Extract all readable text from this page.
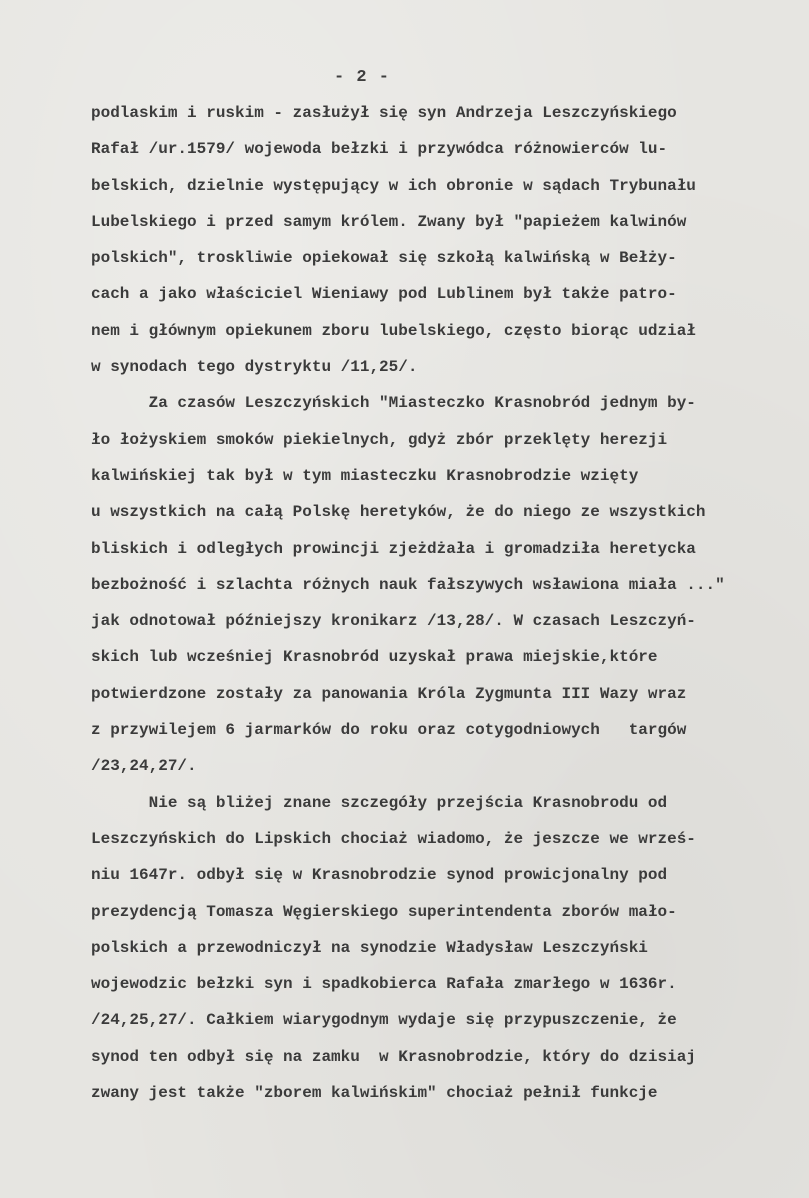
- 2 -

podlaskim i ruskim - zasłużył się syn Andrzeja Leszczyńskiego
Rafał /ur.1579/ wojewoda bełzki i przywódca różnowierców lu-
belskich, dzielnie występujący w ich obronie w sądach Trybunału
Lubelskiego i przed samym królem. Zwany był "papieżem kalwinów
polskich", troskliwie opiekował się szkołą kalwińską w Bełży-
cach a jako właściciel Wieniawy pod Lublinem był także patro-
nem i głównym opiekunem zboru lubelskiego, często biorąc udział
w synodach tego dystryktu /11,25/.
Za czasów Leszczyńskich "Miasteczko Krasnobród jednym by-
ło łożyskiem smoków piekielnych, gdyż zbór przeklęty herezji
kalwińskiej tak był w tym miasteczku Krasnobrodzie wzięty
u wszystkich na całą Polskę heretyków, że do niego ze wszystkich
bliskich i odległych prowincji zjeżdżała i gromadziła heretycka
bezbożność i szlachta różnych nauk fałszywych wsławiona miała ..."
jak odnotował późniejszy kronikarz /13,28/. W czasach Leszczyń-
skich lub wcześniej Krasnobród uzyskał prawa miejskie,które
potwierdzone zostały za panowania Króla Zygmunta III Wazy wraz
z przywilejem 6 jarmarków do roku oraz cotygodniowych   targów
/23,24,27/.
Nie są bliżej znane szczegóły przejścia Krasnobrodu od
Leszczyńskich do Lipskich chociaż wiadomo, że jeszcze we wrześ-
niu 1647r. odbył się w Krasnobrodzie synod prowicjonalny pod
prezydencją Tomasza Węgierskiego superintendenta zborów mało-
polskich a przewodniczył na synodzie Władysław Leszczyński
wojewodzic bełzki syn i spadkobierca Rafała zmarłego w 1636r.
/24,25,27/. Całkiem wiarygodnym wydaje się przypuszczenie, że
synod ten odbył się na zamku  w Krasnobrodzie, który do dzisiaj
zwany jest także "zborem kalwińskim" chociaż pełnił funkcje
